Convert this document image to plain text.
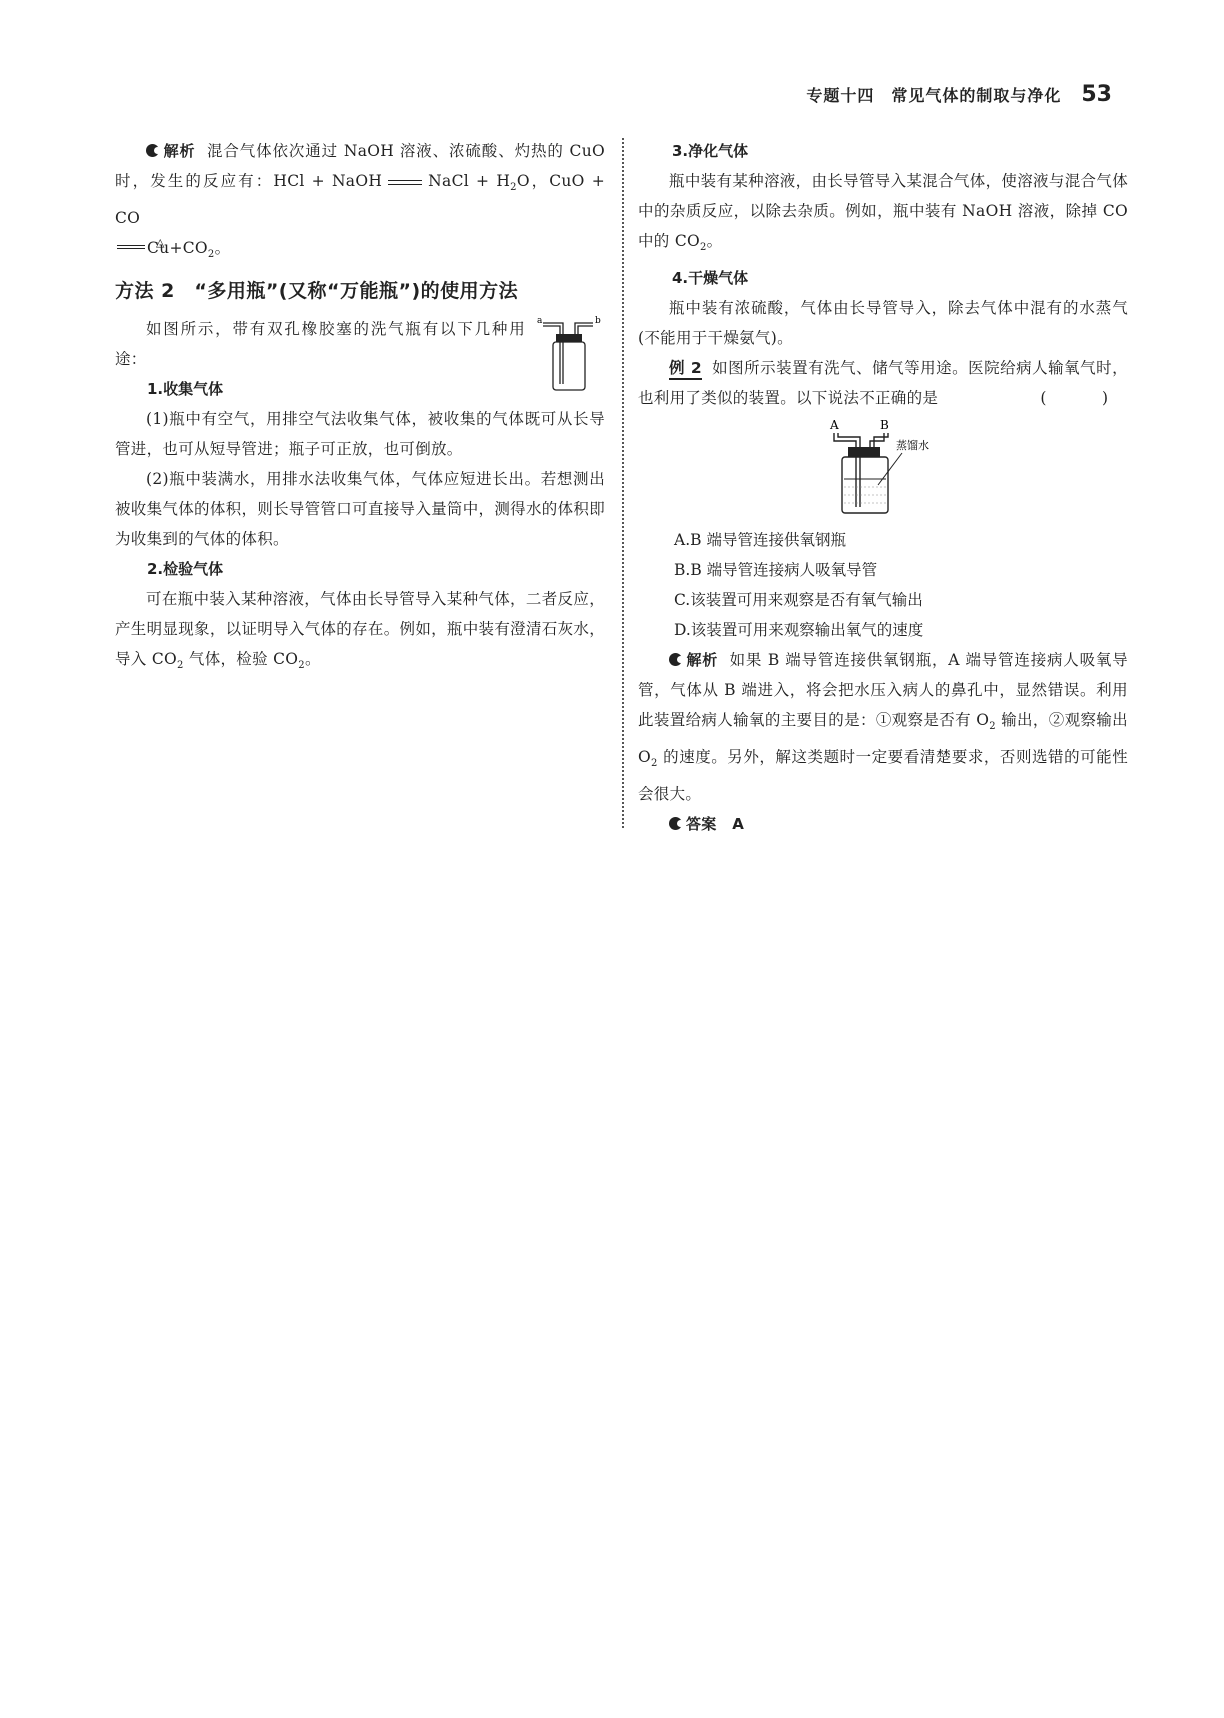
专题十四　常见气体的制取与净化 53

解析 混合气体依次通过 NaOH 溶液、浓硫酸、灼热的 CuO 时，发生的反应有：HCl + NaOH	NaCl + $H_2O$，CuO + CO
$\triangle Cu+CO_2$。

方法 2　“多用瓶”(又称“万能瓶”)的使用方法
a	b

如图所示，带有双孔橡胶塞的洗气瓶有以下几种用途：

1.收集气体

(1)瓶中有空气，用排空气法收集气体，被收集的气体既可从长导管进，也可从短导管进；瓶子可正放，也可倒放。

(2)瓶中装满水，用排水法收集气体，气体应短进长出。若想测出被收集气体的体积，则长导管管口可直接导入量筒中，测得水的体积即为收集到的气体的体积。

2.检验气体

可在瓶中装入某种溶液，气体由长导管导入某种气体，二者反应，产生明显现象，以证明导入气体的存在。例如，瓶中装有澄清石灰水，导入 $CO_2$ 气体，检验 $CO_2$。

3.净化气体

瓶中装有某种溶液，由长导管导入某混合气体，使溶液与混合气体中的杂质反应，以除去杂质。例如，瓶中装有 NaOH 溶液，除掉 CO 中的 $CO_2$。

4.干燥气体

瓶中装有浓硫酸，气体由长导管导入，除去气体中混有的水蒸气(不能用于干燥氨气)。

例 2 如图所示装置有洗气、储气等用途。医院给病人输氧气时，也利用了类似的装置。以下说法不正确的是	(　)

A	B
蒸馏水

A.B 端导管连接供氧钢瓶

B.B 端导管连接病人吸氧导管

C.该装置可用来观察是否有氧气输出

D.该装置可用来观察输出氧气的速度

解析 如果 B 端导管连接供氧钢瓶，A 端导管连接病人吸氧导管，气体从 B 端进入，将会把水压入病人的鼻孔中，显然错误。利用此装置给病人输氧的主要目的是：①观察是否有 $O_2$ 输出，②观察输出 $O_2$ 的速度。另外，解这类题时一定要看清楚要求，否则选错的可能性会很大。

答案 A
